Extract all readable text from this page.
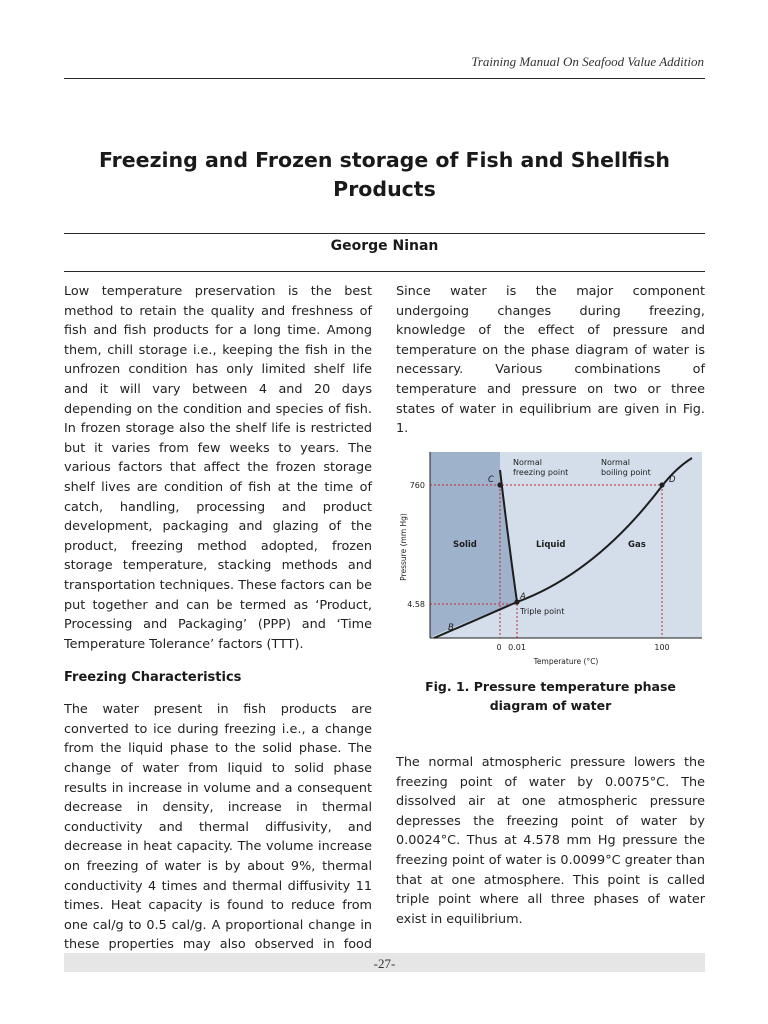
Training Manual On Seafood Value Addition
Freezing and Frozen storage of Fish and Shellfish Products
George Ninan

Low temperature preservation is the best method to retain the quality and freshness of fish and fish products for a long time. Among them, chill storage i.e., keeping the fish in the unfrozen condition has only limited shelf life and it will vary between 4 and 20 days depending on the condition and species of fish. In frozen storage also the shelf life is restricted but it varies from few weeks to years. The various factors that affect the frozen storage shelf lives are condition of fish at the time of catch, handling, processing and product development, packaging and glazing of the product, freezing method adopted, frozen storage temperature, stacking methods and transportation techniques. These factors can be put together and can be termed as ‘Product, Processing and Packaging’ (PPP) and ‘Time Temperature Tolerance’ factors (TTT).

Freezing Characteristics

The water present in fish products are converted to ice during freezing i.e., a change from the liquid phase to the solid phase. The change of water from liquid to solid phase results in increase in volume and a consequent decrease in density, increase in thermal conductivity and thermal diffusivity, and decrease in heat capacity. The volume increase on freezing of water is by about 9%, thermal conductivity 4 times and thermal diffusivity 11 times. Heat capacity is found to reduce from one cal/g to 0.5 cal/g. A proportional change in these properties may also observed in food

Since water is the major component undergoing changes during freezing, knowledge of the effect of pressure and temperature on the phase diagram of water is necessary. Various combinations of temperature and pressure on two or three states of water in equilibrium are given in Fig. 1.

A
B
C	D
Solid	Liquid	Gas
Normal
freezing point
Normal
boiling point
Triple point
760
4.58
0 0.01	100
Pressure (mm Hg)
Temperature (°C)
Fig. 1. Pressure temperature phase diagram of water

The normal atmospheric pressure lowers the freezing point of water by 0.0075°C. The dissolved air at one atmospheric pressure depresses the freezing point of water by 0.0024°C. Thus at 4.578 mm Hg pressure the freezing point of water is 0.0099°C greater than that at one atmosphere. This point is called triple point where all three phases of water exist in equilibrium.

-27-
